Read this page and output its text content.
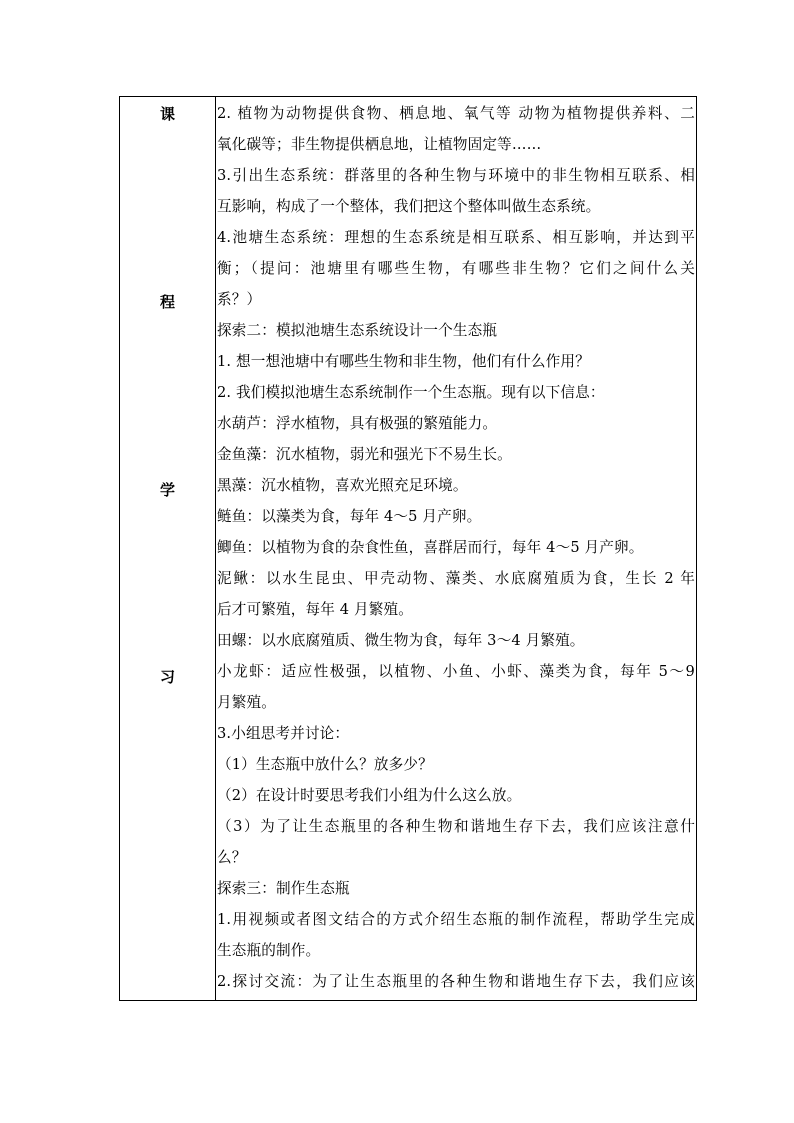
课
程
学
习
2. 植物为动物提供食物、栖息地、氧气等 动物为植物提供养料、二
氧化碳等；非生物提供栖息地，让植物固定等……
3.引出生态系统：群落里的各种生物与环境中的非生物相互联系、相
互影响，构成了一个整体，我们把这个整体叫做生态系统。
4.池塘生态系统：理想的生态系统是相互联系、相互影响，并达到平
衡；（提问：池塘里有哪些生物，有哪些非生物？它们之间什么关
系？）
探索二：模拟池塘生态系统设计一个生态瓶
1. 想一想池塘中有哪些生物和非生物，他们有什么作用？
2. 我们模拟池塘生态系统制作一个生态瓶。现有以下信息：
水葫芦：浮水植物，具有极强的繁殖能力。
金鱼藻：沉水植物，弱光和强光下不易生长。
黑藻：沉水植物，喜欢光照充足环境。
鲢鱼：以藻类为食，每年 4～5 月产卵。
鲫鱼：以植物为食的杂食性鱼，喜群居而行，每年 4～5 月产卵。
泥鳅：以水生昆虫、甲壳动物、藻类、水底腐殖质为食，生长 2 年
后才可繁殖，每年 4 月繁殖。
田螺：以水底腐殖质、微生物为食，每年 3～4 月繁殖。
小龙虾：适应性极强，以植物、小鱼、小虾、藻类为食，每年 5～9
月繁殖。
3.小组思考并讨论：
（1）生态瓶中放什么？放多少？
（2）在设计时要思考我们小组为什么这么放。
（3）为了让生态瓶里的各种生物和谐地生存下去，我们应该注意什
么？
探索三：制作生态瓶
1.用视频或者图文结合的方式介绍生态瓶的制作流程，帮助学生完成
生态瓶的制作。
2.探讨交流：为了让生态瓶里的各种生物和谐地生存下去，我们应该
